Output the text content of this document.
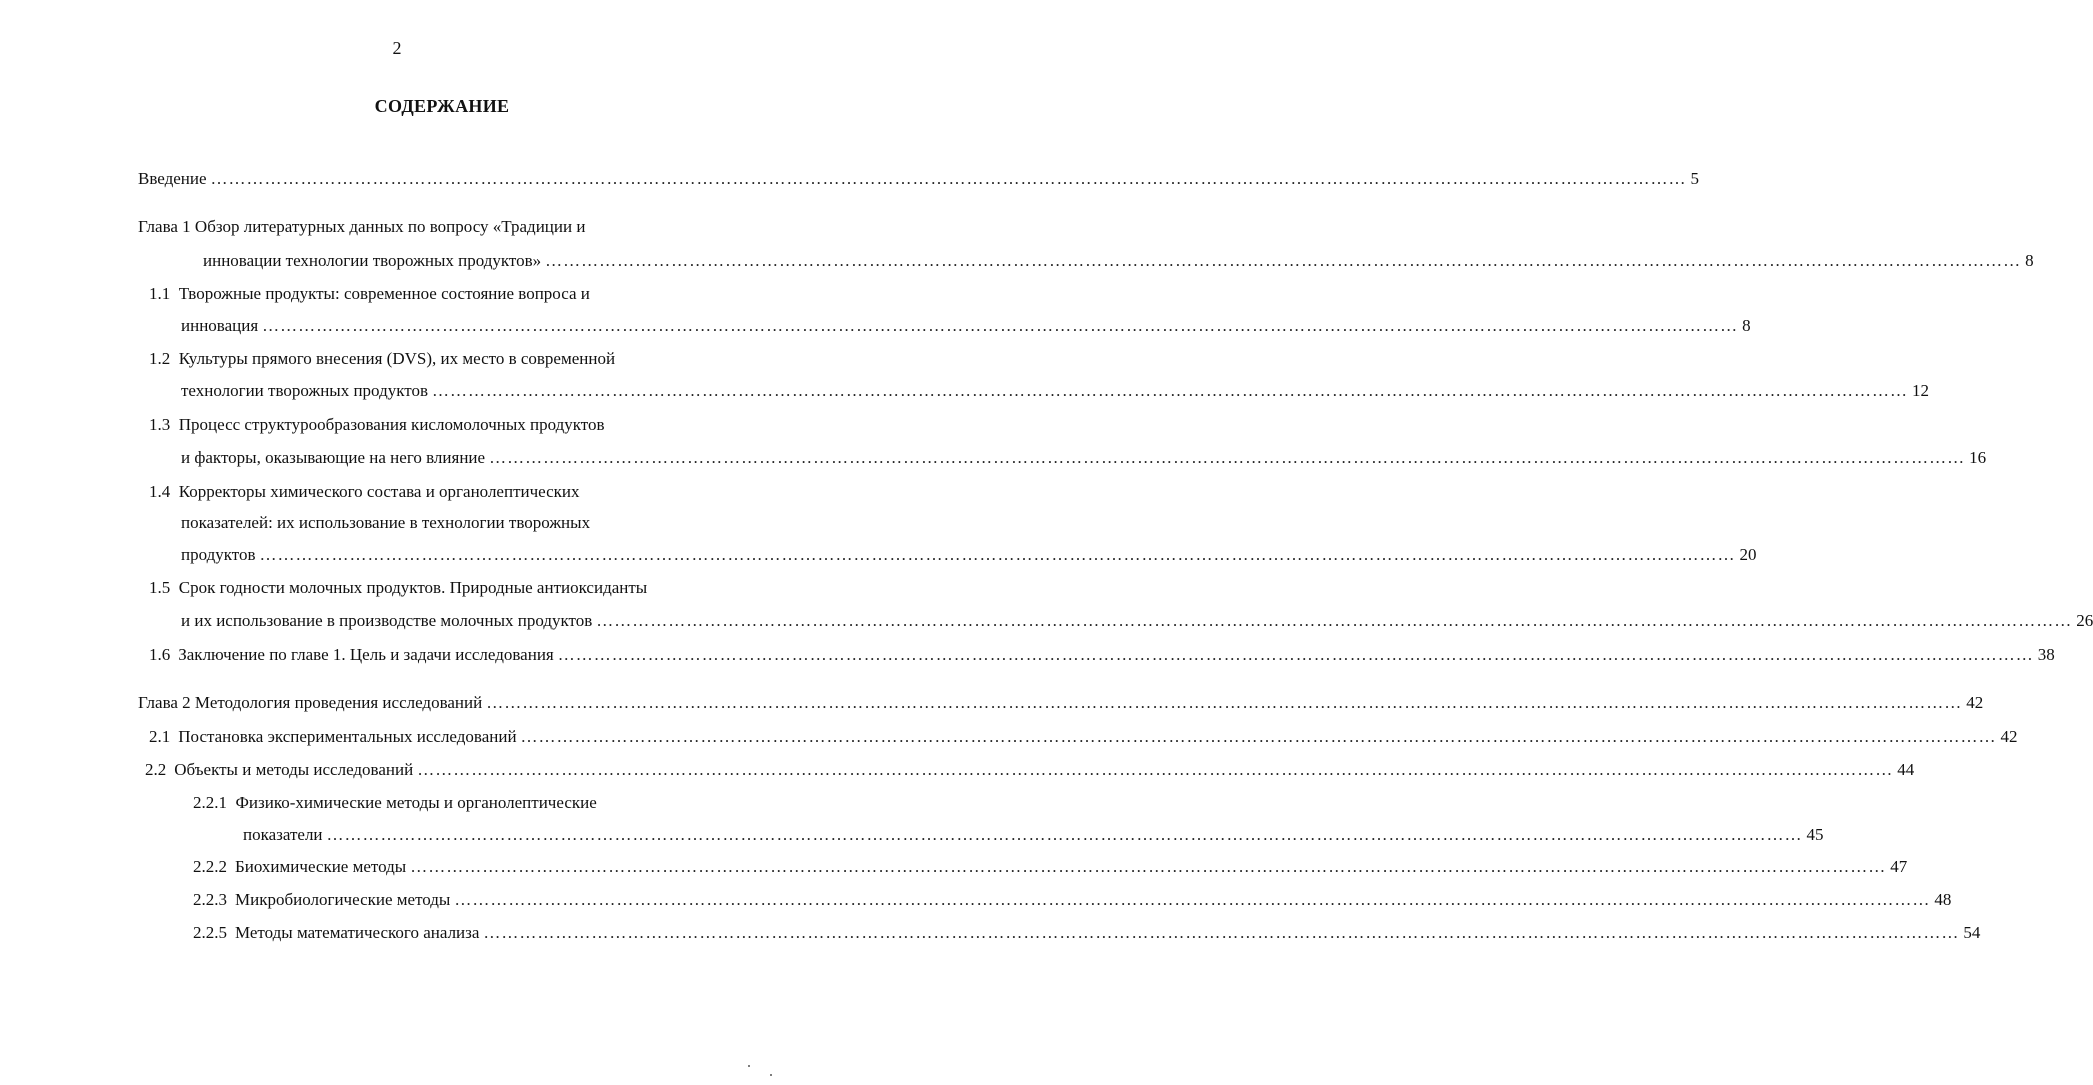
2
СОДЕРЖАНИЕ
Введение ………………………………………………………………………………………………………………………………………………………………………………………………………………………… 5
Глава 1 Обзор литературных данных по вопросу «Традиции и
инновации технологии творожных продуктов» ………………………………………………………………………………………………………………………………………………………………………………………………………………………… 8
1.1 Творожные продукты: современное состояние вопроса и
инновация ………………………………………………………………………………………………………………………………………………………………………………………………………………………… 8
1.2 Культуры прямого внесения (DVS), их место в современной
технологии творожных продуктов ………………………………………………………………………………………………………………………………………………………………………………………………………………………… 12
1.3 Процесс структурообразования кисломолочных продуктов
и факторы, оказывающие на него влияние ………………………………………………………………………………………………………………………………………………………………………………………………………………………… 16
1.4 Корректоры химического состава и органолептических
показателей: их использование в технологии творожных
продуктов ………………………………………………………………………………………………………………………………………………………………………………………………………………………… 20
1.5 Срок годности молочных продуктов. Природные антиоксиданты
и их использование в производстве молочных продуктов ………………………………………………………………………………………………………………………………………………………………………………………………………………………… 26
1.6 Заключение по главе 1. Цель и задачи исследования ………………………………………………………………………………………………………………………………………………………………………………………………………………………… 38
Глава 2 Методология проведения исследований ………………………………………………………………………………………………………………………………………………………………………………………………………………………… 42
2.1 Постановка экспериментальных исследований ………………………………………………………………………………………………………………………………………………………………………………………………………………………… 42
2.2 Объекты и методы исследований ………………………………………………………………………………………………………………………………………………………………………………………………………………………… 44
2.2.1 Физико-химические методы и органолептические
показатели ………………………………………………………………………………………………………………………………………………………………………………………………………………………… 45
2.2.2 Биохимические методы ………………………………………………………………………………………………………………………………………………………………………………………………………………………… 47
2.2.3 Микробиологические методы ………………………………………………………………………………………………………………………………………………………………………………………………………………………… 48
2.2.5 Методы математического анализа ………………………………………………………………………………………………………………………………………………………………………………………………………………………… 54
